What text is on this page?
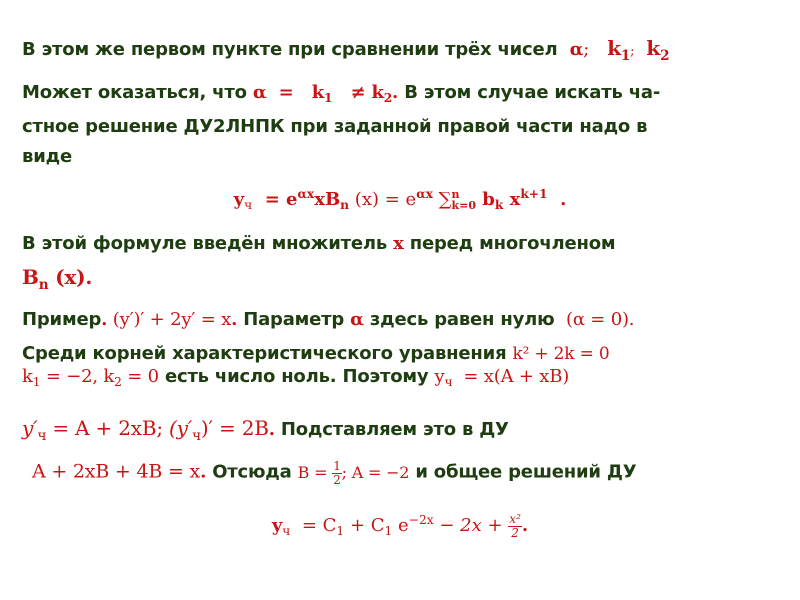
В этом же первом пункте при сравнении трёх чисел α; $k_1$; $k_2$
Может оказаться, что $\alpha = k_1 \ne k_2$. В этом случае искать ча-
стное решение ДУ2ЛНПК при заданной правой части надо в
виде
$y_ч = e^{\alpha x}xB_n$ $(x) = e^{\alpha x}$ ∑ n
k=0 $b_k$ $x^{k+1}$  .
В этой формуле введён множитель x перед многочленом
$B_n$ (x).
Пример. (y′)′ + 2y′ = x. Параметр α здесь равен нулю  (α = 0).
Среди корней характеристического уравнения k² + 2k = 0
$k_1 = -2$, $k_2 = 0$ есть число ноль. Поэтому $y_ч = x(A + xB)$
$y'_ч = A + 2xB$; $(y'_ч)' = 2B$. Подставляем это в ДУ
A + 2xB + 4B = x. Отсюда $B = \frac{1}{2}$ ; A = −2 и общее решений ДУ
$y_ч = C_1 + C_1$ $e^{-2x} - 2x + \frac{\text{x²}}{2}$ .
